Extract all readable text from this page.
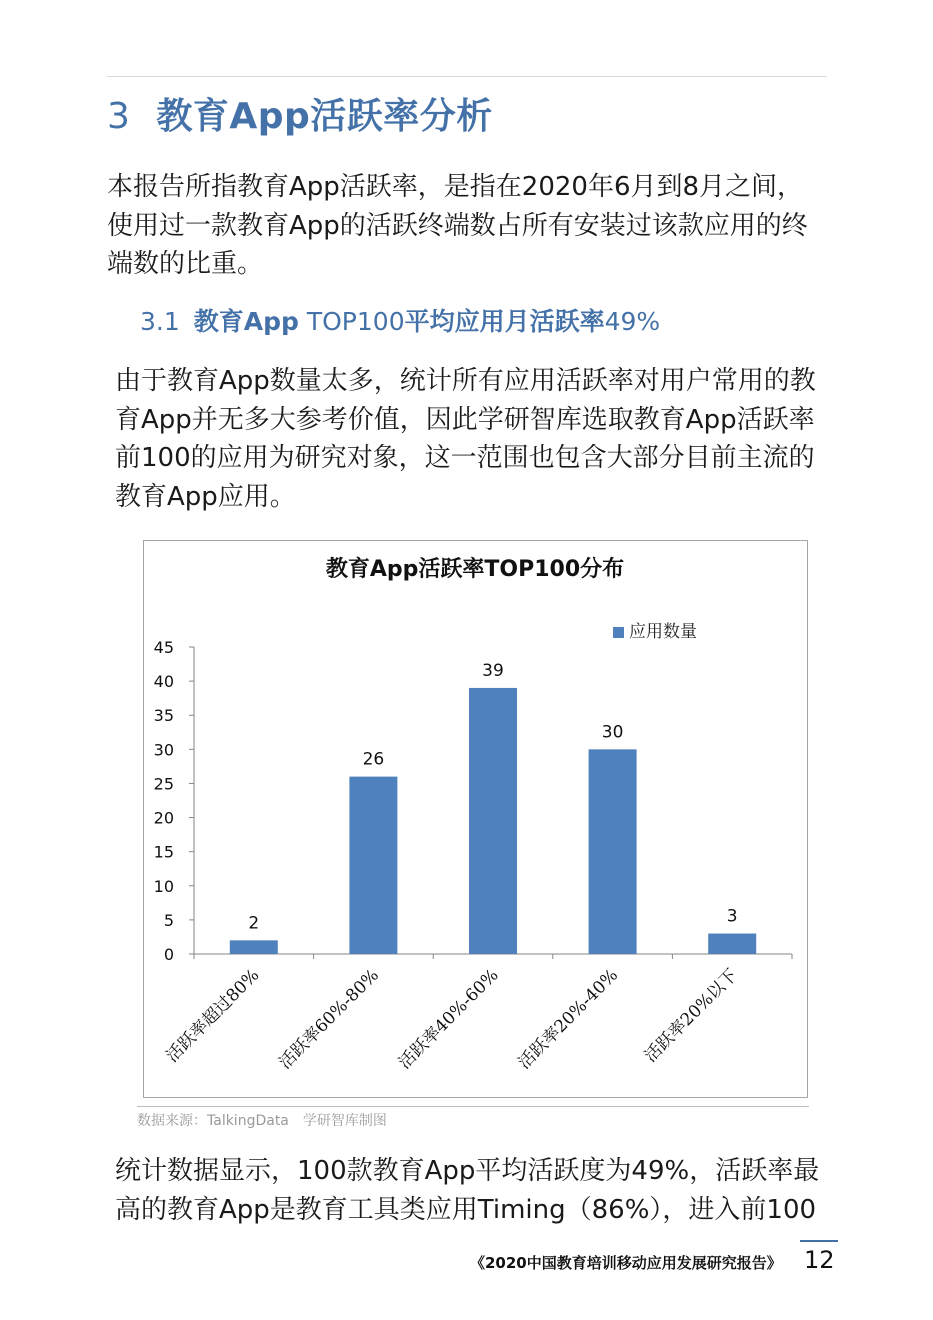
3 教育App活跃率分析
本报告所指教育App活跃率，是指在2020年6月到8月之间，使用过一款教育App的活跃终端数占所有安装过该款应用的终端数的比重。
3.1 教育App TOP100平均应用月活跃率49%
由于教育App数量太多，统计所有应用活跃率对用户常用的教育App并无多大参考价值，因此学研智库选取教育App活跃率前100的应用为研究对象，这一范围也包含大部分目前主流的教育App应用。
教育App活跃率TOP100分布
应用数量
0
5
10
15
20
25
30
35
40
45
2
活跃率超过80%
26
活跃率60%-80%
39
活跃率40%-60%
30
活跃率20%-40%
3
活跃率20%以下
数据来源：TalkingData 学研智库制图
统计数据显示，100款教育App平均活跃度为49%，活跃率最高的教育App是教育工具类应用Timing（86%），进入前100
《2020中国教育培训移动应用发展研究报告》 12
